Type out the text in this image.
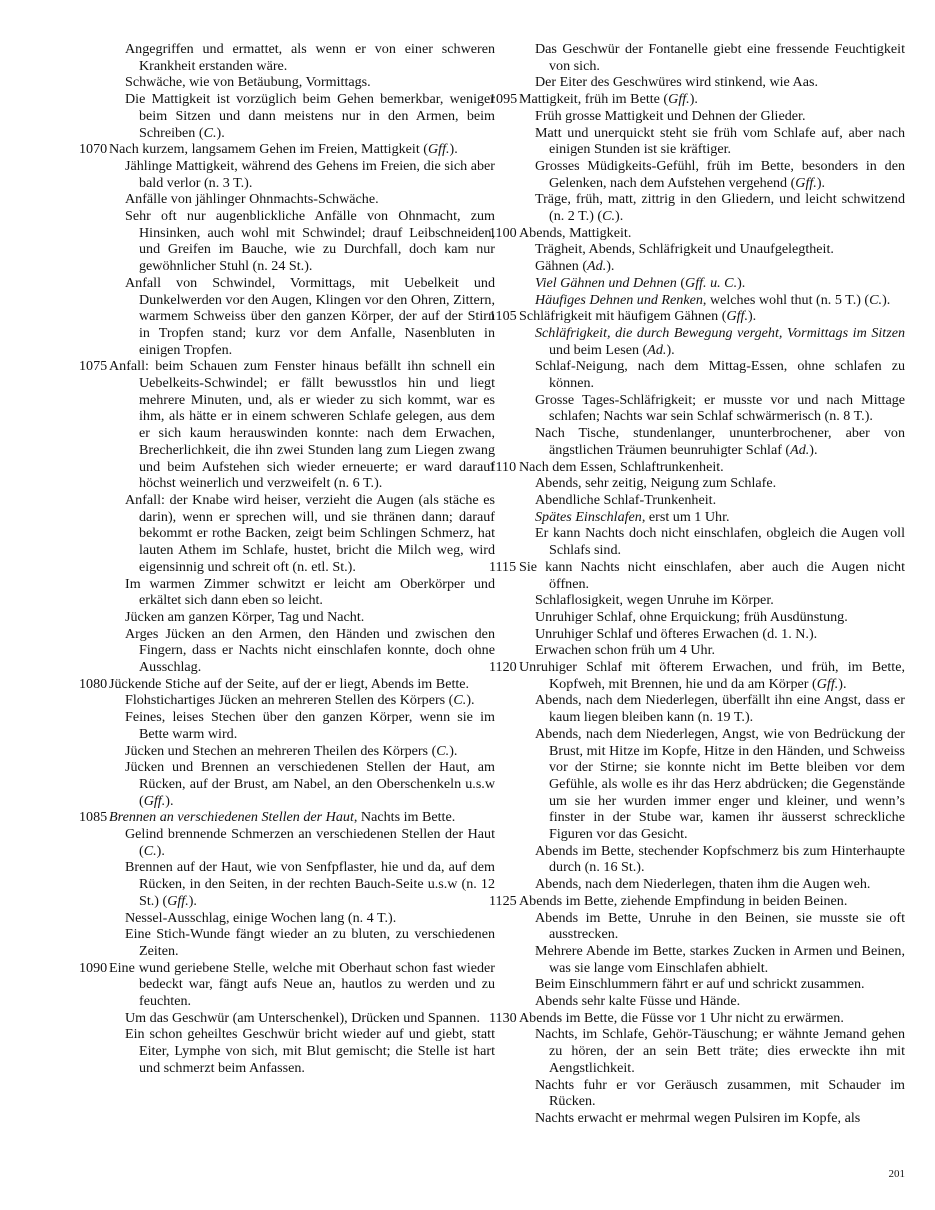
Angegriffen und ermattet, als wenn er von einer schweren Krankheit erstanden wäre.

Schwäche, wie von Betäubung, Vormittags.

Die Mattigkeit ist vorzüglich beim Gehen bemerkbar, weniger beim Sitzen und dann meistens nur in den Armen, beim Schreiben (C.).

1070Nach kurzem, langsamem Gehen im Freien, Mattigkeit (Gff.).

Jählinge Mattigkeit, während des Gehens im Freien, die sich aber bald verlor (n. 3 T.).

Anfälle von jählinger Ohnmachts-Schwäche.

Sehr oft nur augenblickliche Anfälle von Ohnmacht, zum Hinsinken, auch wohl mit Schwindel; drauf Leibschneiden, und Greifen im Bauche, wie zu Durchfall, doch kam nur gewöhnlicher Stuhl (n. 24 St.).

Anfall von Schwindel, Vormittags, mit Uebelkeit und Dunkelwerden vor den Augen, Klingen vor den Ohren, Zittern, warmem Schweiss über den ganzen Körper, der auf der Stirn in Tropfen stand; kurz vor dem Anfalle, Nasenbluten in einigen Tropfen.

1075Anfall: beim Schauen zum Fenster hinaus befällt ihn schnell ein Uebelkeits-Schwindel; er fällt bewusstlos hin und liegt mehrere Minuten, und, als er wieder zu sich kommt, war es ihm, als hätte er in einem schweren Schlafe gelegen, aus dem er sich kaum herauswinden konnte: nach dem Erwachen, Brecherlichkeit, die ihn zwei Stunden lang zum Liegen zwang und beim Aufstehen sich wieder erneuerte; er ward darauf höchst weinerlich und verzweifelt (n. 6 T.).

Anfall: der Knabe wird heiser, verzieht die Augen (als stäche es darin), wenn er sprechen will, und sie thränen dann; darauf bekommt er rothe Backen, zeigt beim Schlingen Schmerz, hat lauten Athem im Schlafe, hustet, bricht die Milch weg, wird eigensinnig und schreit oft (n. etl. St.).

Im warmen Zimmer schwitzt er leicht am Oberkörper und erkältet sich dann eben so leicht.

Jücken am ganzen Körper, Tag und Nacht.

Arges Jücken an den Armen, den Händen und zwischen den Fingern, dass er Nachts nicht einschlafen konnte, doch ohne Ausschlag.

1080Jückende Stiche auf der Seite, auf der er liegt, Abends im Bette.

Flohstichartiges Jücken an mehreren Stellen des Körpers (C.).

Feines, leises Stechen über den ganzen Körper, wenn sie im Bette warm wird.

Jücken und Stechen an mehreren Theilen des Körpers (C.).

Jücken und Brennen an verschiedenen Stellen der Haut, am Rücken, auf der Brust, am Nabel, an den Oberschenkeln u.s.w (Gff.).

1085Brennen an verschiedenen Stellen der Haut, Nachts im Bette.

Gelind brennende Schmerzen an verschiedenen Stellen der Haut (C.).

Brennen auf der Haut, wie von Senfpflaster, hie und da, auf dem Rücken, in den Seiten, in der rechten Bauch-Seite u.s.w (n. 12 St.) (Gff.).

Nessel-Ausschlag, einige Wochen lang (n. 4 T.).

Eine Stich-Wunde fängt wieder an zu bluten, zu verschiedenen Zeiten.

1090Eine wund geriebene Stelle, welche mit Oberhaut schon fast wieder bedeckt war, fängt aufs Neue an, hautlos zu werden und zu feuchten.

Um das Geschwür (am Unterschenkel), Drücken und Spannen.

Ein schon geheiltes Geschwür bricht wieder auf und giebt, statt Eiter, Lymphe von sich, mit Blut gemischt; die Stelle ist hart und schmerzt beim Anfassen.

Das Geschwür der Fontanelle giebt eine fressende Feuchtigkeit von sich.

Der Eiter des Geschwüres wird stinkend, wie Aas.

1095Mattigkeit, früh im Bette (Gff.).

Früh grosse Mattigkeit und Dehnen der Glieder.

Matt und unerquickt steht sie früh vom Schlafe auf, aber nach einigen Stunden ist sie kräftiger.

Grosses Müdigkeits-Gefühl, früh im Bette, besonders in den Gelenken, nach dem Aufstehen vergehend (Gff.).

Träge, früh, matt, zittrig in den Gliedern, und leicht schwitzend (n. 2 T.) (C.).

1100Abends, Mattigkeit.

Trägheit, Abends, Schläfrigkeit und Unaufgelegtheit.

Gähnen (Ad.).

Viel Gähnen und Dehnen (Gff. u. C.).

Häufiges Dehnen und Renken, welches wohl thut (n. 5 T.) (C.).

1105Schläfrigkeit mit häufigem Gähnen (Gff.).

Schläfrigkeit, die durch Bewegung vergeht, Vormittags im Sitzen und beim Lesen (Ad.).

Schlaf-Neigung, nach dem Mittag-Essen, ohne schlafen zu können.

Grosse Tages-Schläfrigkeit; er musste vor und nach Mittage schlafen; Nachts war sein Schlaf schwärmerisch (n. 8 T.).

Nach Tische, stundenlanger, ununterbrochener, aber von ängstlichen Träumen beunruhigter Schlaf (Ad.).

1110Nach dem Essen, Schlaftrunkenheit.

Abends, sehr zeitig, Neigung zum Schlafe.

Abendliche Schlaf-Trunkenheit.

Spätes Einschlafen, erst um 1 Uhr.

Er kann Nachts doch nicht einschlafen, obgleich die Augen voll Schlafs sind.

1115Sie kann Nachts nicht einschlafen, aber auch die Augen nicht öffnen.

Schlaflosigkeit, wegen Unruhe im Körper.

Unruhiger Schlaf, ohne Erquickung; früh Ausdünstung.

Unruhiger Schlaf und öfteres Erwachen (d. 1. N.).

Erwachen schon früh um 4 Uhr.

1120Unruhiger Schlaf mit öfterem Erwachen, und früh, im Bette, Kopfweh, mit Brennen, hie und da am Körper (Gff.).

Abends, nach dem Niederlegen, überfällt ihn eine Angst, dass er kaum liegen bleiben kann (n. 19 T.).

Abends, nach dem Niederlegen, Angst, wie von Bedrückung der Brust, mit Hitze im Kopfe, Hitze in den Händen, und Schweiss vor der Stirne; sie konnte nicht im Bette bleiben vor dem Gefühle, als wolle es ihr das Herz abdrücken; die Gegenstände um sie her wurden immer enger und kleiner, und wenn’s finster in der Stube war, kamen ihr äusserst schreckliche Figuren vor das Gesicht.

Abends im Bette, stechender Kopfschmerz bis zum Hinterhaupte durch (n. 16 St.).

Abends, nach dem Niederlegen, thaten ihm die Augen weh.

1125Abends im Bette, ziehende Empfindung in beiden Beinen.

Abends im Bette, Unruhe in den Beinen, sie musste sie oft ausstrecken.

Mehrere Abende im Bette, starkes Zucken in Armen und Beinen, was sie lange vom Einschlafen abhielt.

Beim Einschlummern fährt er auf und schrickt zusammen.

Abends sehr kalte Füsse und Hände.

1130Abends im Bette, die Füsse vor 1 Uhr nicht zu erwärmen.

Nachts, im Schlafe, Gehör-Täuschung; er wähnte Jemand gehen zu hören, der an sein Bett träte; dies erweckte ihn mit Aengstlichkeit.

Nachts fuhr er vor Geräusch zusammen, mit Schauder im Rücken.

Nachts erwacht er mehrmal wegen Pulsiren im Kopfe, als

201
